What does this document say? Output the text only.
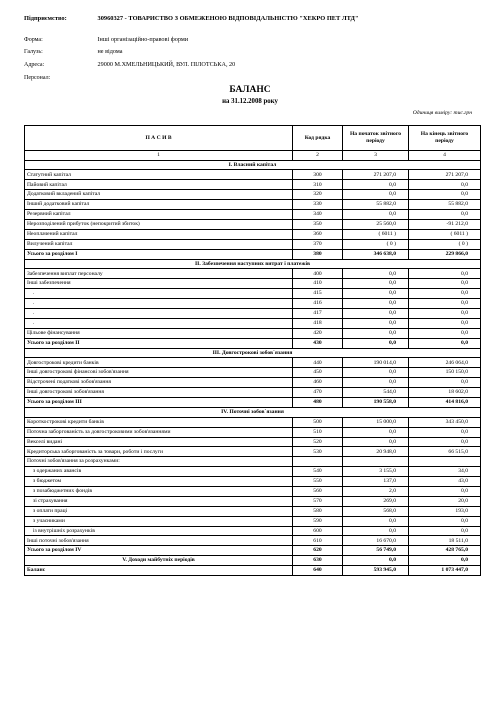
Підприємство:	30960327 - ТОВАРИСТВО З ОБМЕЖЕНОЮ ВІДПОВІДАЛЬНІСТЮ "ХЕКРО ПЕТ ЛТД"
Форма:	Інші організаційно-правові форми
Галузь:	не відома
Адреса:	29000 М.ХМЕЛЬНИЦЬКИЙ, ВУЛ. ПІЛОТСЬКА, 20
Персонал:
БАЛАНС
на 31.12.2008 року
Одиниця виміру: тис.грн
П А С И В	Код рядка	На початок звітного періоду	На кінець звітного періоду
1	2	3	4
I. Власний капітал			
Статутний капітал	300	271 207,0	271 207,0
Пайовий капітал	310	0,0	0,0
Додатковий вкладений капітал	320	0,0	0,0
Інший додатковий капітал	330	55 882,0	55 882,0
Резервний капітал	340	0,0	0,0
Нерозподілений прибуток (непокритий збиток)	350	25 560,0	-91 212,0
Неоплачений капітал	360	( 6011 )	( 6011 )
Вилучений капітал	370	( 0 )	( 0 )
Усього за розділом I	380	346 638,0	229 866,0
II. Забезпечення наступних витрат і платежів			
Забезпечення виплат персоналу	400	0,0	0,0
Інші забезпечення	410	0,0	0,0
.	415	0,0	0,0
.	416	0,0	0,0
.	417	0,0	0,0
.	418	0,0	0,0
Цільове фінансування	420	0,0	0,0
Усього за розділом II	430	0,0	0,0
III. Довгострокові зобов`язання			
Довгострокові кредити банків	440	190 014,0	246 064,0
Інші довгострокові фінансові зобов'язання	450	0,0	150 150,0
Відстрочені податкові зобов'язання	460	0,0	0,0
Інші довгострокові зобов'язання	470	544,0	18 602,0
Усього за розділом III	480	190 558,0	414 816,0
IV. Поточні зобов`язання			
Короткострокові кредити банків	500	15 000,0	343 450,0
Поточна заборгованість за довгостроковими зобов'язаннями	510	0,0	0,0
Векселі видані	520	0,0	0,0
Кредиторська заборгованість за товари, роботи і послуги	530	20 948,0	66 515,0
Поточні зобов'язання за розрахунками:			
з одержаних авансів	540	3 155,0	34,0
з бюджетом	550	137,0	43,0
з позабюджетних фондів	560	2,0	0,0
зі страхування	570	269,0	20,0
з оплати праці	580	568,0	193,0
з учасниками	590	0,0	0,0
із внутрішніх розрахунків	600	0,0	0,0
Інші поточні зобов'язання	610	16 670,0	18 511,0
Усього за розділом IV	620	56 749,0	428 765,0
V. Доходи майбутніх періодів	630	0,0	0,0
Баланс	640	593 945,0	1 073 447,0
